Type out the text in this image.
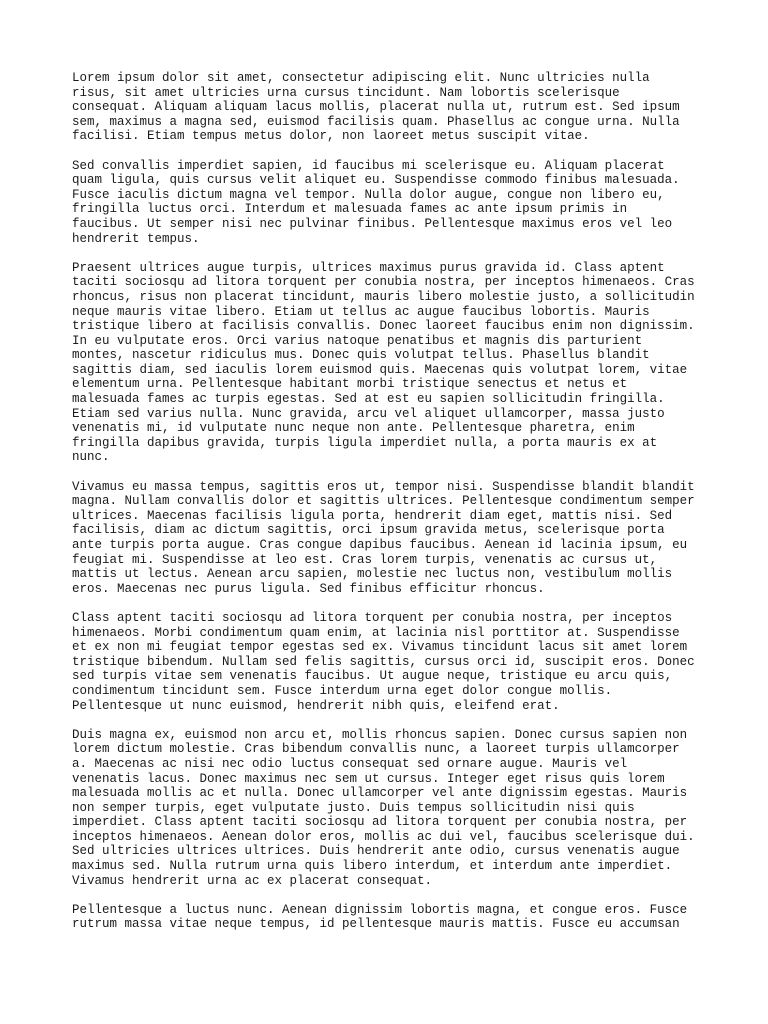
Lorem ipsum dolor sit amet, consectetur adipiscing elit. Nunc ultricies nulla

risus, sit amet ultricies urna cursus tincidunt. Nam lobortis scelerisque

consequat. Aliquam aliquam lacus mollis, placerat nulla ut, rutrum est. Sed ipsum

sem, maximus a magna sed, euismod facilisis quam. Phasellus ac congue urna. Nulla

facilisi. Etiam tempus metus dolor, non laoreet metus suscipit vitae.

Sed convallis imperdiet sapien, id faucibus mi scelerisque eu. Aliquam placerat

quam ligula, quis cursus velit aliquet eu. Suspendisse commodo finibus malesuada.

Fusce iaculis dictum magna vel tempor. Nulla dolor augue, congue non libero eu,

fringilla luctus orci. Interdum et malesuada fames ac ante ipsum primis in

faucibus. Ut semper nisi nec pulvinar finibus. Pellentesque maximus eros vel leo

hendrerit tempus.

Praesent ultrices augue turpis, ultrices maximus purus gravida id. Class aptent

taciti sociosqu ad litora torquent per conubia nostra, per inceptos himenaeos. Cras

rhoncus, risus non placerat tincidunt, mauris libero molestie justo, a sollicitudin

neque mauris vitae libero. Etiam ut tellus ac augue faucibus lobortis. Mauris

tristique libero at facilisis convallis. Donec laoreet faucibus enim non dignissim.

In eu vulputate eros. Orci varius natoque penatibus et magnis dis parturient

montes, nascetur ridiculus mus. Donec quis volutpat tellus. Phasellus blandit

sagittis diam, sed iaculis lorem euismod quis. Maecenas quis volutpat lorem, vitae

elementum urna. Pellentesque habitant morbi tristique senectus et netus et

malesuada fames ac turpis egestas. Sed at est eu sapien sollicitudin fringilla.

Etiam sed varius nulla. Nunc gravida, arcu vel aliquet ullamcorper, massa justo

venenatis mi, id vulputate nunc neque non ante. Pellentesque pharetra, enim

fringilla dapibus gravida, turpis ligula imperdiet nulla, a porta mauris ex at

nunc.

Vivamus eu massa tempus, sagittis eros ut, tempor nisi. Suspendisse blandit blandit

magna. Nullam convallis dolor et sagittis ultrices. Pellentesque condimentum semper

ultrices. Maecenas facilisis ligula porta, hendrerit diam eget, mattis nisi. Sed

facilisis, diam ac dictum sagittis, orci ipsum gravida metus, scelerisque porta

ante turpis porta augue. Cras congue dapibus faucibus. Aenean id lacinia ipsum, eu

feugiat mi. Suspendisse at leo est. Cras lorem turpis, venenatis ac cursus ut,

mattis ut lectus. Aenean arcu sapien, molestie nec luctus non, vestibulum mollis

eros. Maecenas nec purus ligula. Sed finibus efficitur rhoncus.

Class aptent taciti sociosqu ad litora torquent per conubia nostra, per inceptos

himenaeos. Morbi condimentum quam enim, at lacinia nisl porttitor at. Suspendisse

et ex non mi feugiat tempor egestas sed ex. Vivamus tincidunt lacus sit amet lorem

tristique bibendum. Nullam sed felis sagittis, cursus orci id, suscipit eros. Donec

sed turpis vitae sem venenatis faucibus. Ut augue neque, tristique eu arcu quis,

condimentum tincidunt sem. Fusce interdum urna eget dolor congue mollis.

Pellentesque ut nunc euismod, hendrerit nibh quis, eleifend erat.

Duis magna ex, euismod non arcu et, mollis rhoncus sapien. Donec cursus sapien non

lorem dictum molestie. Cras bibendum convallis nunc, a laoreet turpis ullamcorper

a. Maecenas ac nisi nec odio luctus consequat sed ornare augue. Mauris vel

venenatis lacus. Donec maximus nec sem ut cursus. Integer eget risus quis lorem

malesuada mollis ac et nulla. Donec ullamcorper vel ante dignissim egestas. Mauris

non semper turpis, eget vulputate justo. Duis tempus sollicitudin nisi quis

imperdiet. Class aptent taciti sociosqu ad litora torquent per conubia nostra, per

inceptos himenaeos. Aenean dolor eros, mollis ac dui vel, faucibus scelerisque dui.

Sed ultricies ultrices ultrices. Duis hendrerit ante odio, cursus venenatis augue

maximus sed. Nulla rutrum urna quis libero interdum, et interdum ante imperdiet.

Vivamus hendrerit urna ac ex placerat consequat.

Pellentesque a luctus nunc. Aenean dignissim lobortis magna, et congue eros. Fusce

rutrum massa vitae neque tempus, id pellentesque mauris mattis. Fusce eu accumsan
